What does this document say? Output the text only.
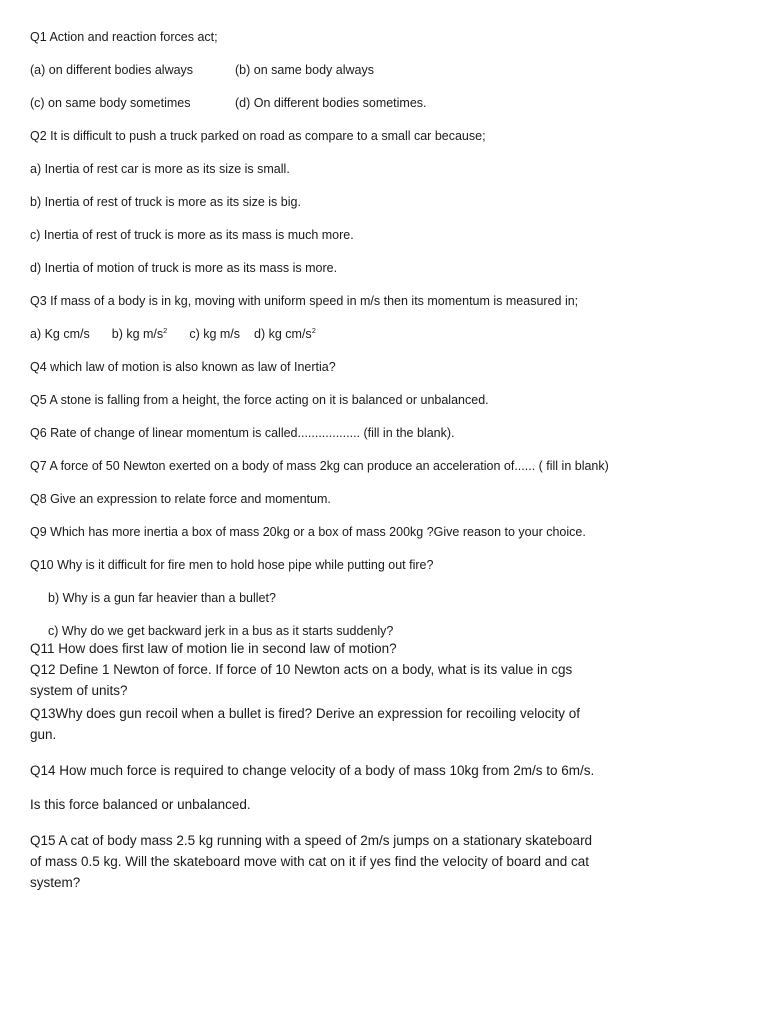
Q1 Action and reaction forces act;
(a) on different bodies always	(b) on same body always
(c) on same body sometimes	(d) On different bodies sometimes.
Q2 It is difficult to push a truck parked on road as compare to a small car because;
a) Inertia of rest car is more as its size is small.
b) Inertia of rest of truck is more as its size is big.
c) Inertia of rest of truck is more as its mass is much more.
d) Inertia of motion of truck is more as its mass is more.
Q3 If mass of a body is in kg, moving with uniform speed in m/s then its momentum is measured in;
a) Kg cm/s b) kg $m/s^2$ c) kg m/s d) kg $cm/s^2$
Q4 which law of motion is also known as law of Inertia?
Q5 A stone is falling from a height, the force acting on it is balanced or unbalanced.
Q6 Rate of change of linear momentum is called.................. (fill in the blank).
Q7 A force of 50 Newton exerted on a body of mass 2kg can produce an acceleration of...... ( fill in blank)
Q8 Give an expression to relate force and momentum.
Q9 Which has more inertia a box of mass 20kg or a box of mass 200kg ?Give reason to your choice.
Q10 Why is it difficult for fire men to hold hose pipe while putting out fire?
b) Why is a gun far heavier than a bullet?
c) Why do we get backward jerk in a bus as it starts suddenly?
Q11 How does first law of motion lie in second law of motion?
Q12 Define 1 Newton of force. If force of 10 Newton acts on a body, what is its value in cgs
system of units?
Q13Why does gun recoil when a bullet is fired? Derive an expression for recoiling velocity of
gun.
Q14 How much force is required to change velocity of a body of mass 10kg from 2m/s to 6m/s.
Is this force balanced or unbalanced.
Q15 A cat of body mass 2.5 kg running with a speed of 2m/s jumps on a stationary skateboard
of mass 0.5 kg. Will the skateboard move with cat on it if yes find the velocity of board and cat
system?
